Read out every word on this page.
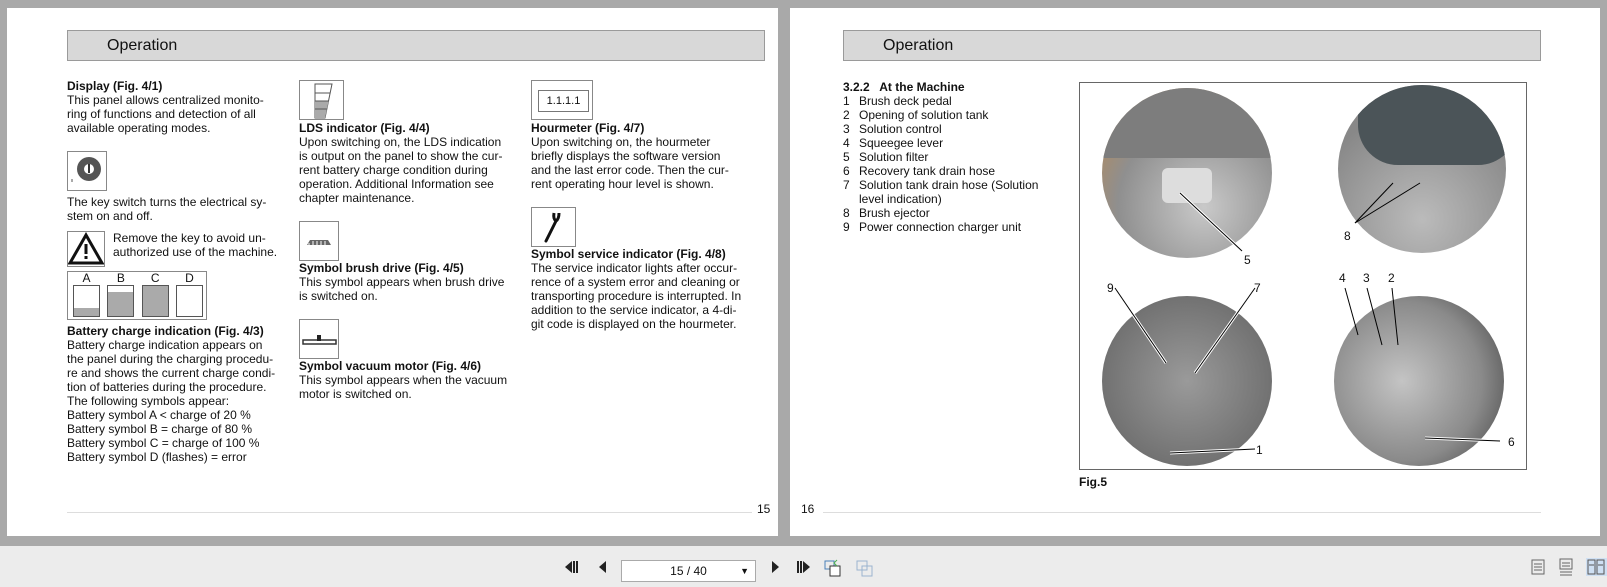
Operation

Display (Fig. 4/1)

This panel allows centralized monito-

ring of functions and detection of all

available operating modes.

The key switch turns the electrical sy-

stem on and off.

Remove the key to avoid un-

authorized use of the machine.

A	B	C	D

Battery charge indication (Fig. 4/3)

Battery charge indication appears on

the panel during the charging procedu-

re and shows the current charge condi-

tion of batteries during the procedure.

The following symbols appear:

Battery symbol A < charge of 20 %

Battery symbol B = charge of 80 %

Battery symbol C = charge of 100 %

Battery symbol D (flashes) = error

LDS indicator (Fig. 4/4)

Upon switching on, the LDS indication

is output on the panel to show the cur-

rent battery charge condition during

operation. Additional Information see

chapter maintenance.

Symbol brush drive (Fig. 4/5)

This symbol appears when brush drive

is switched on.

Symbol vacuum motor (Fig. 4/6)

This symbol appears when the vacuum

motor is switched on.

1.1.1.1

Hourmeter (Fig. 4/7)

Upon switching on, the hourmeter

briefly displays the software version

and the last error code. Then the cur-

rent operating hour level is shown.

Symbol service indicator (Fig. 4/8)

The service indicator lights after occur-

rence of a system error and cleaning or

transporting procedure is interrupted. In

addition to the service indicator, a 4-di-

git code is displayed on the hourmeter.

15
Operation

3.2.2   At the Machine

1 Brush deck pedal
2 Opening of solution tank
3 Solution control
4 Squeegee lever
5 Solution filter
6 Recovery tank drain hose
7 Solution tank drain hose (Solution
level indication)
8 Brush ejector
9 Power connection charger unit
5
8
9	7
1
4 3 2
6
Fig.5
16
15 / 40	▼
